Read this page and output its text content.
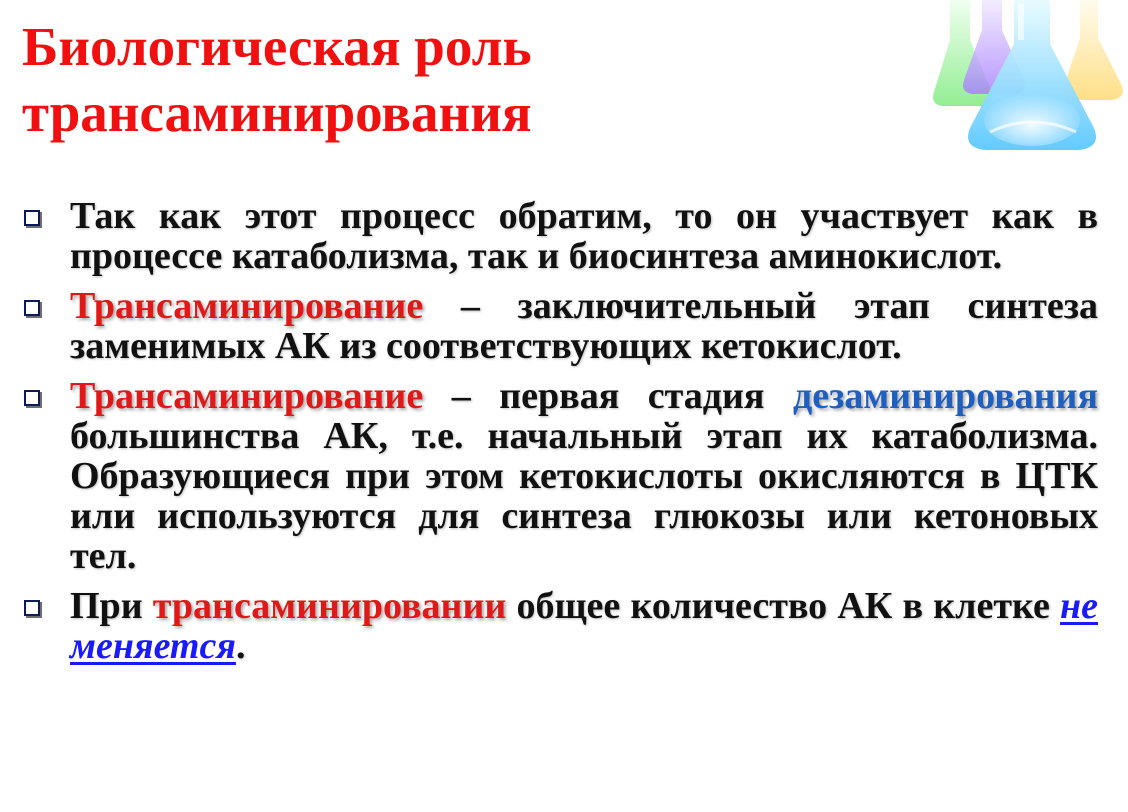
Биологическая роль
трансаминирования
Так как этот процесс обратим, то он участвует как в процессе катаболизма, так и биосинтеза аминокислот.
Трансаминирование – заключительный этап синтеза заменимых АК из соответствующих кетокислот.
Трансаминирование – первая стадия дезаминирования большинства АК, т.е. начальный этап их катаболизма. Образующиеся при этом кетокислоты окисляются в ЦТК или используются для синтеза глюкозы или кетоновых тел.
При трансаминировании общее количество АК в клетке не меняется.
